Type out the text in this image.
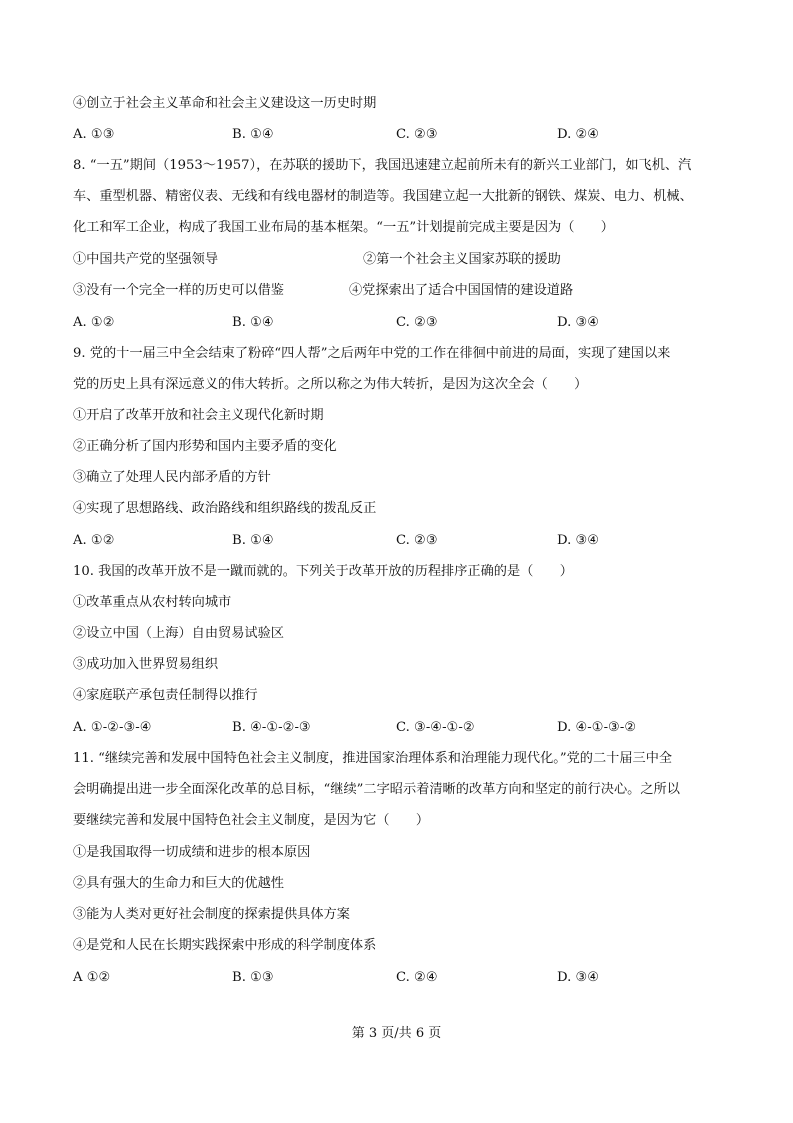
④创立于社会主义革命和社会主义建设这一历史时期
A. ①③	B. ①④	C. ②③	D. ②④
8. “一五”期间（1953～1957），在苏联的援助下，我国迅速建立起前所未有的新兴工业部门，如飞机、汽
车、重型机器、精密仪表、无线和有线电器材的制造等。我国建立起一大批新的钢铁、煤炭、电力、机械、
化工和军工企业，构成了我国工业布局的基本框架。“一五”计划提前完成主要是因为（　　）
①中国共产党的坚强领导	②第一个社会主义国家苏联的援助
③没有一个完全一样的历史可以借鉴	④党探索出了适合中国国情的建设道路
A. ①②	B. ①④	C. ②③	D. ③④
9. 党的十一届三中全会结束了粉碎“四人帮”之后两年中党的工作在徘徊中前进的局面，实现了建国以来
党的历史上具有深远意义的伟大转折。之所以称之为伟大转折，是因为这次全会（　　）
①开启了改革开放和社会主义现代化新时期
②正确分析了国内形势和国内主要矛盾的变化
③确立了处理人民内部矛盾的方针
④实现了思想路线、政治路线和组织路线的拨乱反正
A. ①②	B. ①④	C. ②③	D. ③④
10. 我国的改革开放不是一蹴而就的。下列关于改革开放的历程排序正确的是（　　）
①改革重点从农村转向城市
②设立中国（上海）自由贸易试验区
③成功加入世界贸易组织
④家庭联产承包责任制得以推行
A. ①-②-③-④	B. ④-①-②-③	C. ③-④-①-②	D. ④-①-③-②
11. “继续完善和发展中国特色社会主义制度，推进国家治理体系和治理能力现代化。”党的二十届三中全
会明确提出进一步全面深化改革的总目标，“继续”二字昭示着清晰的改革方向和坚定的前行决心。之所以
要继续完善和发展中国特色社会主义制度，是因为它（　　）
①是我国取得一切成绩和进步的根本原因
②具有强大的生命力和巨大的优越性
③能为人类对更好社会制度的探索提供具体方案
④是党和人民在长期实践探索中形成的科学制度体系
A ①②	B. ①③	C. ②④	D. ③④
第 3 页/共 6 页
